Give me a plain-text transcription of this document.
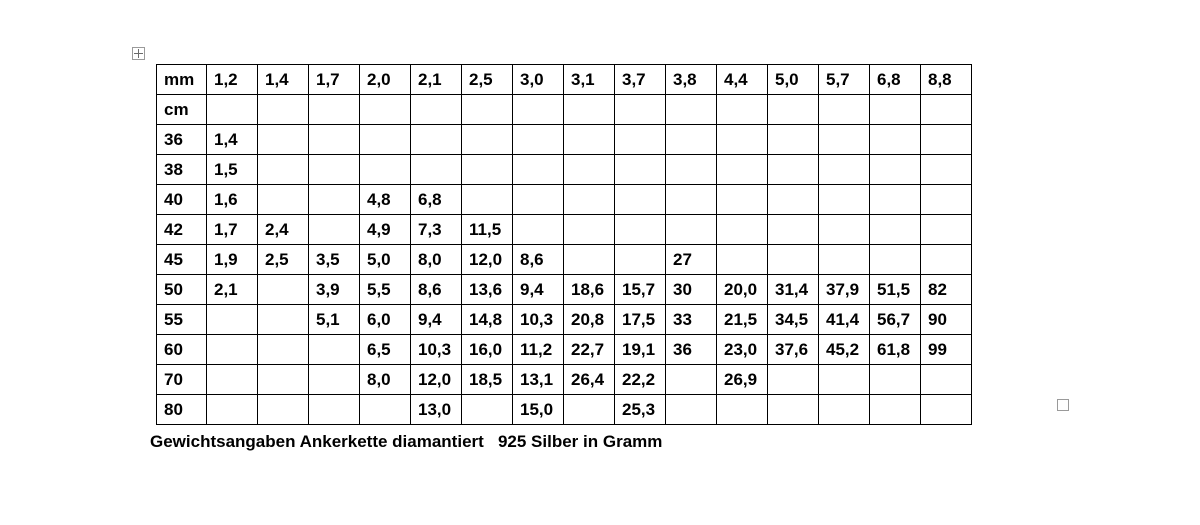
mm	1,2	1,4	1,7	2,0	2,1	2,5	3,0	3,1	3,7	3,8	4,4	5,0	5,7	6,8	8,8
cm															
36	1,4														
38	1,5														
40	1,6			4,8	6,8										
42	1,7	2,4		4,9	7,3	11,5									
45	1,9	2,5	3,5	5,0	8,0	12,0	8,6			27					
50	2,1		3,9	5,5	8,6	13,6	9,4	18,6	15,7	30	20,0	31,4	37,9	51,5	82
55			5,1	6,0	9,4	14,8	10,3	20,8	17,5	33	21,5	34,5	41,4	56,7	90
60				6,5	10,3	16,0	11,2	22,7	19,1	36	23,0	37,6	45,2	61,8	99
70				8,0	12,0	18,5	13,1	26,4	22,2		26,9				
80					13,0		15,0		25,3						
Gewichtsangaben Ankerkette diamantiert   925 Silber in Gramm
